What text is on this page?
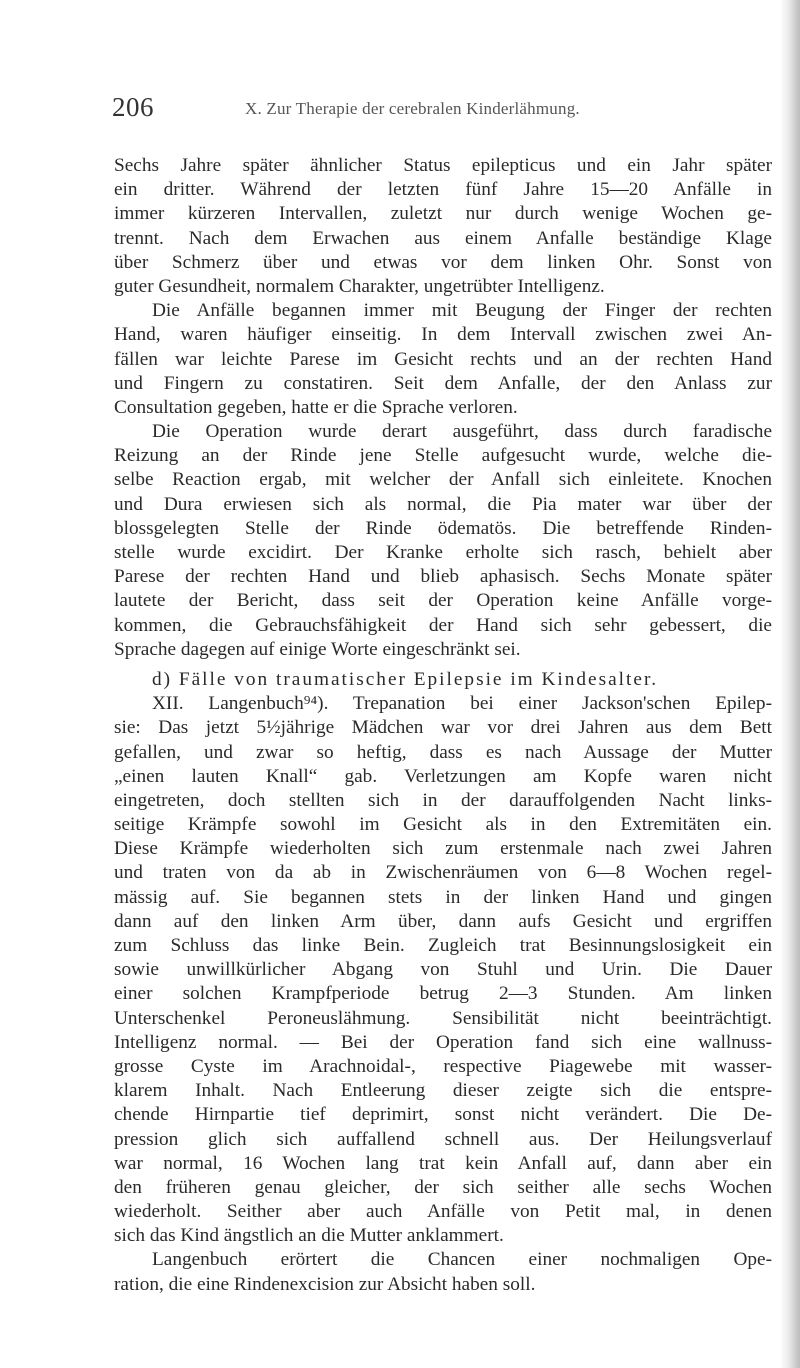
206	X. Zur Therapie der cerebralen Kinderlähmung.
Sechs Jahre später ähnlicher Status epilepticus und ein Jahr später
ein dritter. Während der letzten fünf Jahre 15—20 Anfälle in
immer kürzeren Intervallen, zuletzt nur durch wenige Wochen ge-
trennt. Nach dem Erwachen aus einem Anfalle beständige Klage
über Schmerz über und etwas vor dem linken Ohr. Sonst von
guter Gesundheit, normalem Charakter, ungetrübter Intelligenz.
Die Anfälle begannen immer mit Beugung der Finger der rechten
Hand, waren häufiger einseitig. In dem Intervall zwischen zwei An-
fällen war leichte Parese im Gesicht rechts und an der rechten Hand
und Fingern zu constatiren. Seit dem Anfalle, der den Anlass zur
Consultation gegeben, hatte er die Sprache verloren.
Die Operation wurde derart ausgeführt, dass durch faradische
Reizung an der Rinde jene Stelle aufgesucht wurde, welche die-
selbe Reaction ergab, mit welcher der Anfall sich einleitete. Knochen
und Dura erwiesen sich als normal, die Pia mater war über der
blossgelegten Stelle der Rinde ödematös. Die betreffende Rinden-
stelle wurde excidirt. Der Kranke erholte sich rasch, behielt aber
Parese der rechten Hand und blieb aphasisch. Sechs Monate später
lautete der Bericht, dass seit der Operation keine Anfälle vorge-
kommen, die Gebrauchsfähigkeit der Hand sich sehr gebessert, die
Sprache dagegen auf einige Worte eingeschränkt sei.
d) Fälle von traumatischer Epilepsie im Kindesalter.
XII. Langenbuch⁹⁴). Trepanation bei einer Jackson'schen Epilep-
sie: Das jetzt 5½jährige Mädchen war vor drei Jahren aus dem Bett
gefallen, und zwar so heftig, dass es nach Aussage der Mutter
„einen lauten Knall“ gab. Verletzungen am Kopfe waren nicht
eingetreten, doch stellten sich in der darauffolgenden Nacht links-
seitige Krämpfe sowohl im Gesicht als in den Extremitäten ein.
Diese Krämpfe wiederholten sich zum erstenmale nach zwei Jahren
und traten von da ab in Zwischenräumen von 6—8 Wochen regel-
mässig auf. Sie begannen stets in der linken Hand und gingen
dann auf den linken Arm über, dann aufs Gesicht und ergriffen
zum Schluss das linke Bein. Zugleich trat Besinnungslosigkeit ein
sowie unwillkürlicher Abgang von Stuhl und Urin. Die Dauer
einer solchen Krampfperiode betrug 2—3 Stunden. Am linken
Unterschenkel Peroneuslähmung. Sensibilität nicht beeinträchtigt.
Intelligenz normal. — Bei der Operation fand sich eine wallnuss-
grosse Cyste im Arachnoidal-, respective Piagewebe mit wasser-
klarem Inhalt. Nach Entleerung dieser zeigte sich die entspre-
chende Hirnpartie tief deprimirt, sonst nicht verändert. Die De-
pression glich sich auffallend schnell aus. Der Heilungsverlauf
war normal, 16 Wochen lang trat kein Anfall auf, dann aber ein
den früheren genau gleicher, der sich seither alle sechs Wochen
wiederholt. Seither aber auch Anfälle von Petit mal, in denen
sich das Kind ängstlich an die Mutter anklammert.
Langenbuch erörtert die Chancen einer nochmaligen Ope-
ration, die eine Rindenexcision zur Absicht haben soll.
